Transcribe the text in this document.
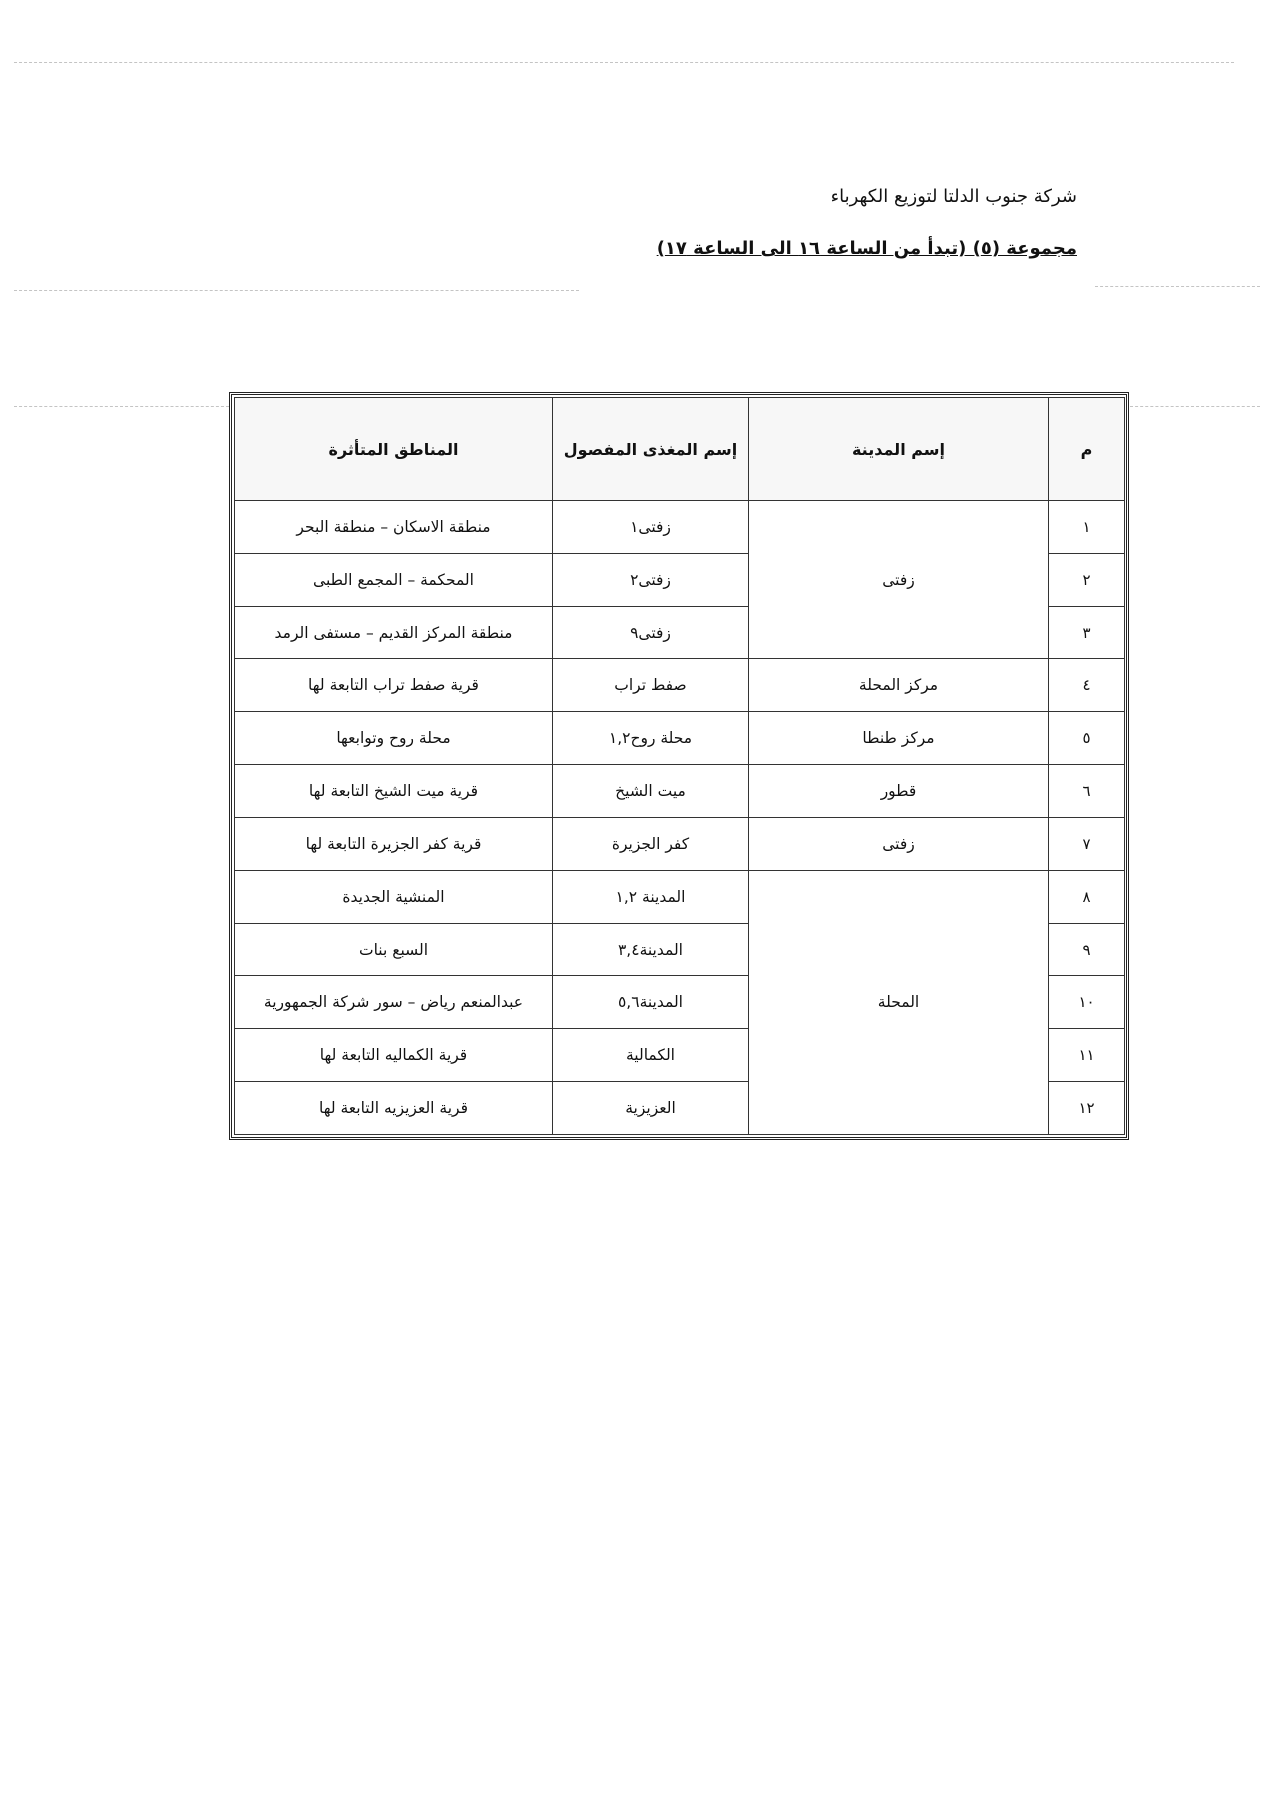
شركة جنوب الدلتا لتوزيع الكهرباء
مجموعة (٥) (تبدأ من الساعة ١٦ الى الساعة ١٧)
م	إسم المدينة	إسم المغذى المفصول	المناطق المتأثرة
١	زفتى	زفتى١	منطقة الاسكان – منطقة البحر
٢		زفتى٢	المحكمة – المجمع الطبى
٣		زفتى٩	منطقة المركز القديم – مستفى الرمد
٤	مركز المحلة	صفط تراب	قرية صفط تراب التابعة لها
٥	مركز طنطا	محلة روح١,٢	محلة روح وتوابعها
٦	قطور	ميت الشيخ	قرية ميت الشيخ التابعة لها
٧	زفتى	كفر الجزيرة	قرية كفر الجزيرة التابعة لها
٨	المحلة	المدينة ١,٢	المنشية الجديدة
٩		المدينة٣,٤	السبع بنات
١٠		المدينة٥,٦	عبدالمنعم رياض – سور شركة الجمهورية
١١		الكمالية	قرية الكماليه التابعة لها
١٢		العزيزية	قرية العزيزيه التابعة لها
